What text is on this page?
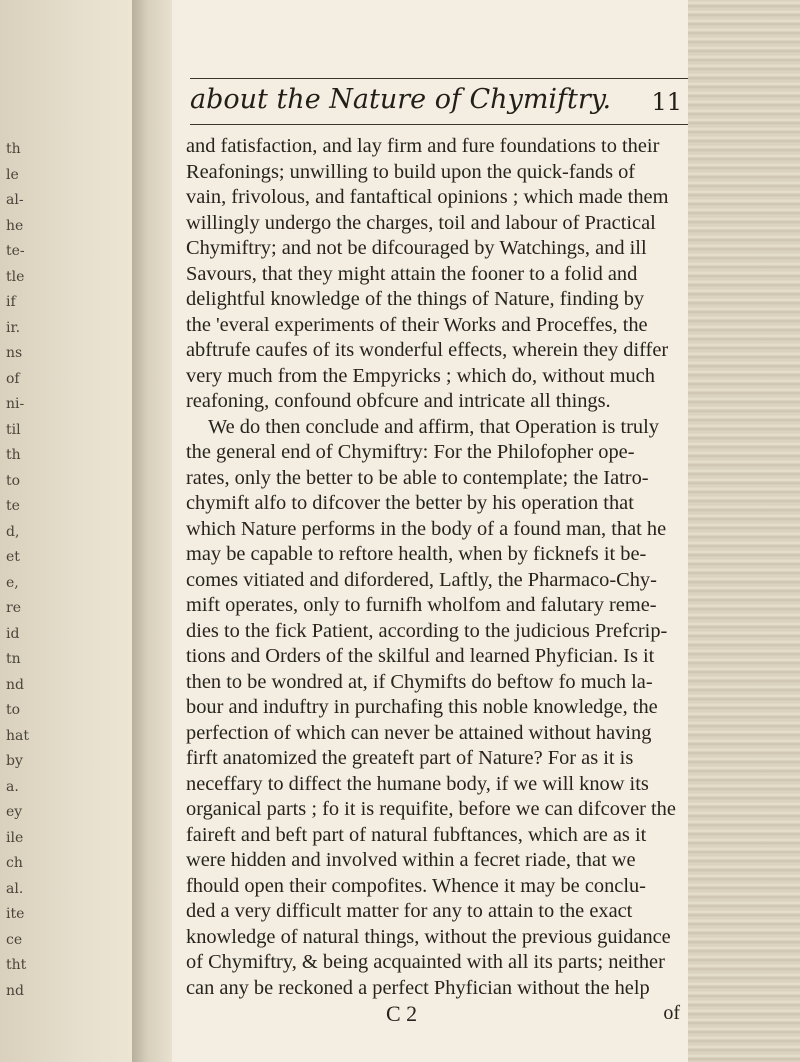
th
le
al-
he
te-
tle
if
ir.
ns
of
ni-
til
th
to
te
d,
et
e,
re
id
tn
nd
to
hat
by
a.
ey
ile
ch
al.
ite
ce
tht
nd
about the Nature of Chymiftry. 11
and fatisfaction, and lay firm and fure foundations to their
Reafonings; unwilling to build upon the quick-fands of
vain, frivolous, and fantaftical opinions ; which made them
willingly undergo the charges, toil and labour of Practical
Chymiftry; and not be difcouraged by Watchings, and ill
Savours, that they might attain the fooner to a folid and
delightful knowledge of the things of Nature, finding by
the 'everal experiments of their Works and Proceffes, the
abftrufe caufes of its wonderful effects, wherein they differ
very much from the Empyricks ; which do, without much
reafoning, confound obfcure and intricate all things.
We do then conclude and affirm, that Operation is truly
the general end of Chymiftry: For the Philofopher ope-
rates, only the better to be able to contemplate; the Iatro-
chymift alfo to difcover the better by his operation that
which Nature performs in the body of a found man, that he
may be capable to reftore health, when by ficknefs it be-
comes vitiated and difordered, Laftly, the Pharmaco-Chy-
mift operates, only to furnifh wholfom and falutary reme-
dies to the fick Patient, according to the judicious Prefcrip-
tions and Orders of the skilful and learned Phyfician. Is it
then to be wondred at, if Chymifts do beftow fo much la-
bour and induftry in purchafing this noble knowledge, the
perfection of which can never be attained without having
firft anatomized the greateft part of Nature? For as it is
neceffary to diffect the humane body, if we will know its
organical parts ; fo it is requifite, before we can difcover the
faireft and beft part of natural fubftances, which are as it
were hidden and involved within a fecret riade, that we
fhould open their compofites. Whence it may be conclu-
ded a very difficult matter for any to attain to the exact
knowledge of natural things, without the previous guidance
of Chymiftry, & being acquainted with all its parts; neither
can any be reckoned a perfect Phyfician without the help
C 2	of
